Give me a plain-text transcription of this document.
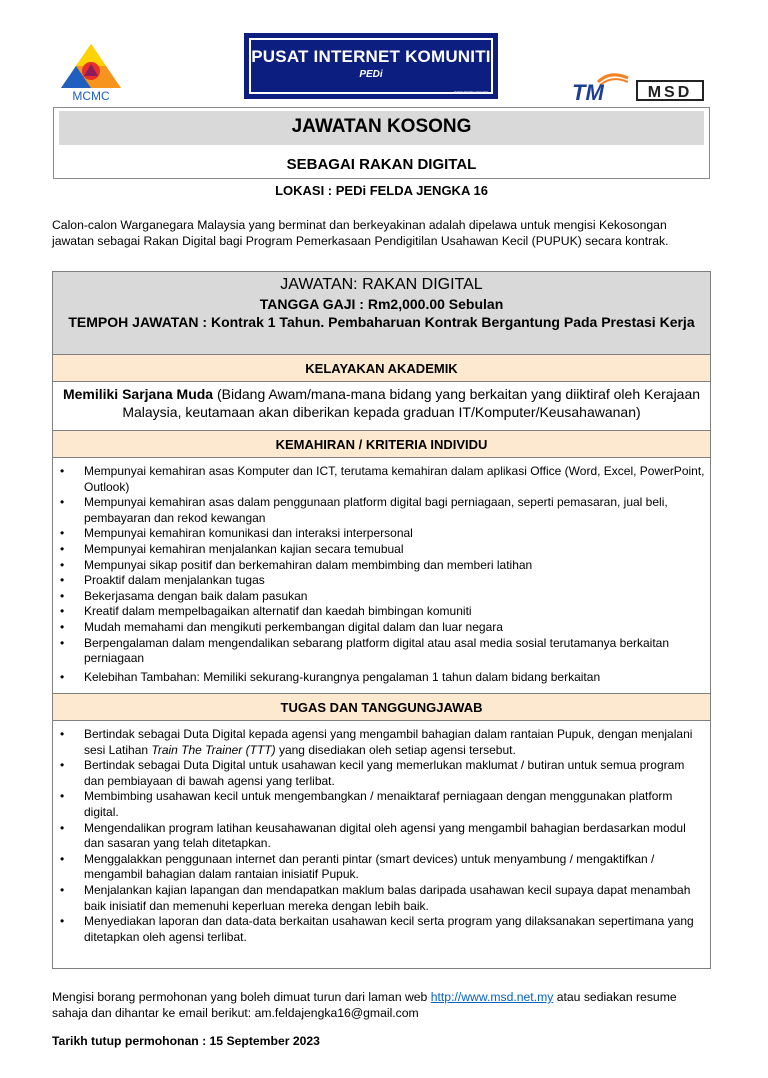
MCMC
PUSAT INTERNET KOMUNITI
PEDi
www.mcmc.gov.my	TM	MSD
JAWATAN KOSONG
SEBAGAI RAKAN DIGITAL
LOKASI : PEDi FELDA JENGKA 16
Calon-calon Warganegara Malaysia yang berminat dan berkeyakinan adalah dipelawa untuk mengisi Kekosongan jawatan sebagai Rakan Digital bagi Program Pemerkasaan Pendigitilan Usahawan Kecil (PUPUK) secara kontrak.
JAWATAN: RAKAN DIGITAL
TANGGA GAJI : Rm2,000.00 Sebulan
TEMPOH JAWATAN : Kontrak 1 Tahun. Pembaharuan Kontrak Bergantung Pada Prestasi Kerja
KELAYAKAN AKADEMIK
Memiliki Sarjana Muda (Bidang Awam/mana-mana bidang yang berkaitan yang diiktiraf oleh Kerajaan Malaysia, keutamaan akan diberikan kepada graduan IT/Komputer/Keusahawanan)
KEMAHIRAN / KRITERIA INDIVIDU
• Mempunyai kemahiran asas Komputer dan ICT, terutama kemahiran dalam aplikasi Office (Word, Excel, PowerPoint, Outlook)
• Mempunyai kemahiran asas dalam penggunaan platform digital bagi perniagaan, seperti pemasaran, jual beli, pembayaran dan rekod kewangan
• Mempunyai kemahiran komunikasi dan interaksi interpersonal
• Mempunyai kemahiran menjalankan kajian secara temubual
• Mempunyai sikap positif dan berkemahiran dalam membimbing dan memberi latihan
• Proaktif dalam menjalankan tugas
• Bekerjasama dengan baik dalam pasukan
• Kreatif dalam mempelbagaikan alternatif dan kaedah bimbingan komuniti
• Mudah memahami dan mengikuti perkembangan digital dalam dan luar negara
• Berpengalaman dalam mengendalikan sebarang platform digital atau asal media sosial terutamanya berkaitan perniagaan
• Kelebihan Tambahan: Memiliki sekurang-kurangnya pengalaman 1 tahun dalam bidang berkaitan
TUGAS DAN TANGGUNGJAWAB
• Bertindak sebagai Duta Digital kepada agensi yang mengambil bahagian dalam rantaian Pupuk, dengan menjalani sesi Latihan Train The Trainer (TTT) yang disediakan oleh setiap agensi tersebut.
• Bertindak sebagai Duta Digital untuk usahawan kecil yang memerlukan maklumat / butiran untuk semua program dan pembiayaan di bawah agensi yang terlibat.
• Membimbing usahawan kecil untuk mengembangkan / menaiktaraf perniagaan dengan menggunakan platform digital.
• Mengendalikan program latihan keusahawanan digital oleh agensi yang mengambil bahagian berdasarkan modul dan sasaran yang telah ditetapkan.
• Menggalakkan penggunaan internet dan peranti pintar (smart devices) untuk menyambung / mengaktifkan / mengambil bahagian dalam rantaian inisiatif Pupuk.
• Menjalankan kajian lapangan dan mendapatkan maklum balas daripada usahawan kecil supaya dapat menambah baik inisiatif dan memenuhi keperluan mereka dengan lebih baik.
• Menyediakan laporan dan data-data berkaitan usahawan kecil serta program yang dilaksanakan sepertimana yang ditetapkan oleh agensi terlibat.
Mengisi borang permohonan yang boleh dimuat turun dari laman web http://www.msd.net.my atau sediakan resume sahaja dan dihantar ke email berikut: am.feldajengka16@gmail.com
Tarikh tutup permohonan : 15 September 2023
